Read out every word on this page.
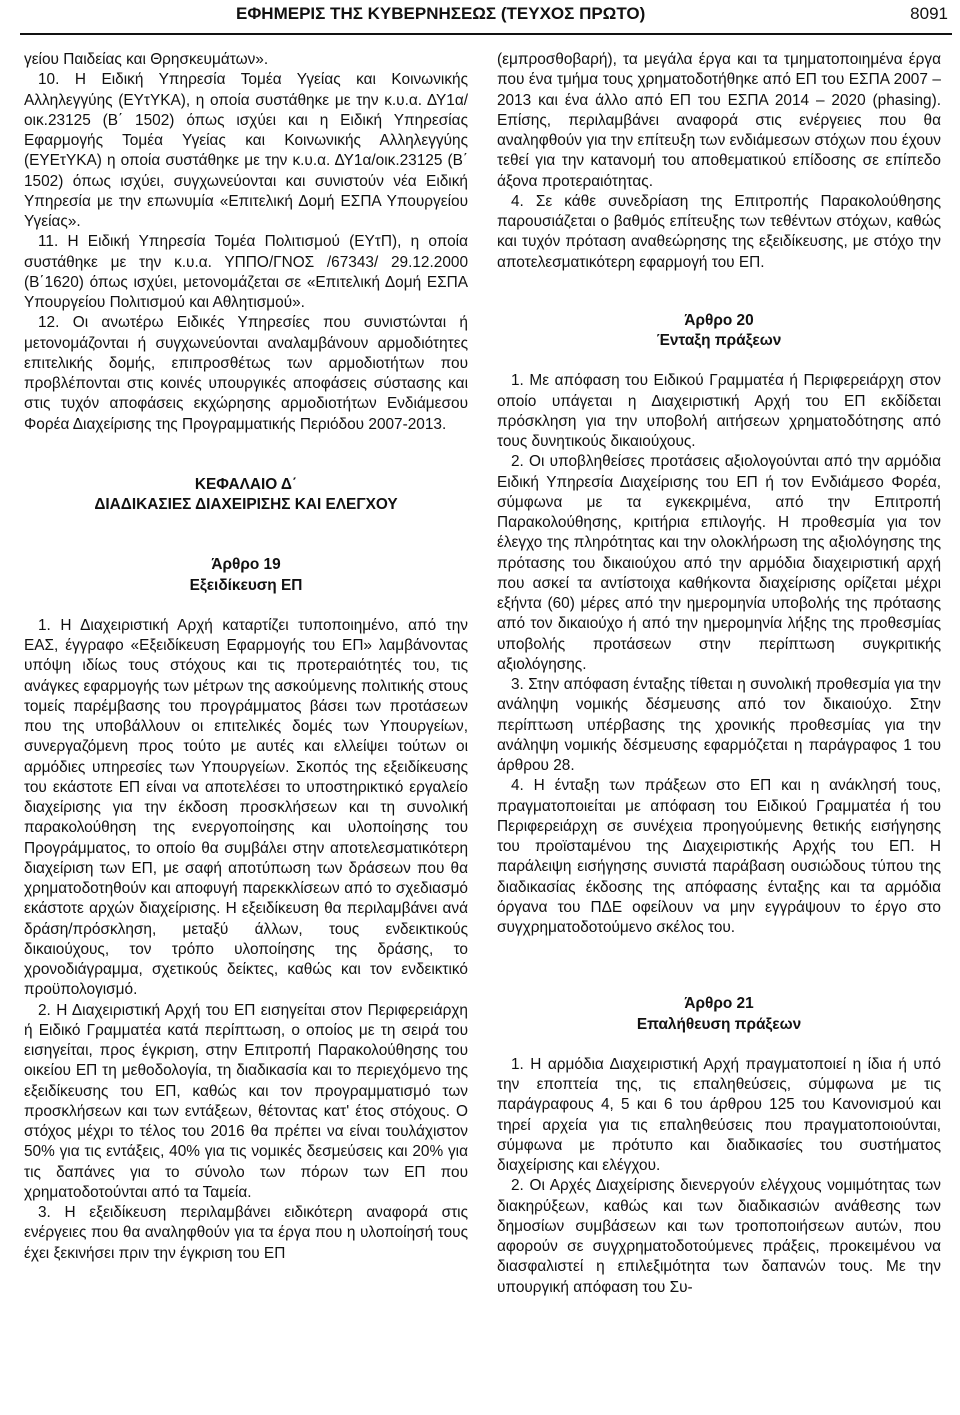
ΕΦΗΜΕΡΙΣ ΤΗΣ ΚΥΒΕΡΝΗΣΕΩΣ (ΤΕΥΧΟΣ ΠΡΩΤΟ)	8091

γείου Παιδείας και Θρησκευμάτων».

10. Η Ειδική Υπηρεσία Τομέα Υγείας και Κοινωνικής Αλληλεγγύης (ΕΥτΥΚΑ), η οποία συστάθηκε με την κ.υ.α. ΔΥ1α/οικ.23125 (Β΄ 1502) όπως ισχύει και η Ειδική Υπηρεσίας Εφαρμογής Τομέα Υγείας και Κοινωνικής Αλληλεγγύης (ΕΥΕτΥΚΑ) η οποία συστάθηκε με την κ.υ.α. ΔΥ1α/οικ.23125 (Β΄ 1502) όπως ισχύει, συγχωνεύονται και συνιστούν νέα Ειδική Υπηρεσία με την επωνυμία «Επιτελική Δομή ΕΣΠΑ Υπουργείου Υγείας».

11. Η Ειδική Υπηρεσία Τομέα Πολιτισμού (ΕΥτΠ), η οποία συστάθηκε με την κ.υ.α. ΥΠΠΟ/ΓΝΟΣ /67343/ 29.12.2000 (Β΄1620) όπως ισχύει, μετονομάζεται σε «Επιτελική Δομή ΕΣΠΑ Υπουργείου Πολιτισμού και Αθλητισμού».

12. Οι ανωτέρω Ειδικές Υπηρεσίες που συνιστώνται ή μετονομάζονται ή συγχωνεύονται αναλαμβάνουν αρμοδιότητες επιτελικής δομής, επιπροσθέτως των αρμοδιοτήτων που προβλέπονται στις κοινές υπουργικές αποφάσεις σύστασης και στις τυχόν αποφάσεις εκχώρησης αρμοδιοτήτων Ενδιάμεσου Φορέα Διαχείρισης της Προγραμματικής Περιόδου 2007-2013.

ΚΕΦΑΛΑΙΟ Δ΄
ΔΙΑΔΙΚΑΣΙΕΣ ΔΙΑΧΕΙΡΙΣΗΣ ΚΑΙ ΕΛΕΓΧΟΥ
Άρθρο 19
Εξειδίκευση ΕΠ

1. Η Διαχειριστική Αρχή καταρτίζει τυποποιημένο, από την ΕΑΣ, έγγραφο «Εξειδίκευση Εφαρμογής του ΕΠ» λαμβάνοντας υπόψη ιδίως τους στόχους και τις προτεραιότητές του, τις ανάγκες εφαρμογής των μέτρων της ασκούμενης πολιτικής στους τομείς παρέμβασης του προγράμματος βάσει των προτάσεων που της υποβάλλουν οι επιτελικές δομές των Υπουργείων, συνεργαζόμενη προς τούτο με αυτές και ελλείψει τούτων οι αρμόδιες υπηρεσίες των Υπουργείων. Σκοπός της εξειδίκευσης του εκάστοτε ΕΠ είναι να αποτελέσει το υποστηρικτικό εργαλείο διαχείρισης για την έκδοση προσκλήσεων και τη συνολική παρακολούθηση της ενεργοποίησης και υλοποίησης του Προγράμματος, το οποίο θα συμβάλει στην αποτελεσματικότερη διαχείριση των ΕΠ, με σαφή αποτύπωση των δράσεων που θα χρηματοδοτηθούν και αποφυγή παρεκκλίσεων από το σχεδιασμό εκάστοτε αρχών διαχείρισης. Η εξειδίκευση θα περιλαμβάνει ανά δράση/πρόσκληση, μεταξύ άλλων, τους ενδεικτικούς δικαιούχους, τον τρόπο υλοποίησης της δράσης, το χρονοδιάγραμμα, σχετικούς δείκτες, καθώς και τον ενδεικτικό προϋπολογισμό.

2. Η Διαχειριστική Αρχή του ΕΠ εισηγείται στον Περιφερειάρχη ή Ειδικό Γραμματέα κατά περίπτωση, ο οποίος με τη σειρά του εισηγείται, προς έγκριση, στην Επιτροπή Παρακολούθησης του οικείου ΕΠ τη μεθοδολογία, τη διαδικασία και το περιεχόμενο της εξειδίκευσης του ΕΠ, καθώς και τον προγραμματισμό των προσκλήσεων και των εντάξεων, θέτοντας κατ' έτος στόχους. Ο στόχος μέχρι το τέλος του 2016 θα πρέπει να είναι τουλάχιστον 50% για τις εντάξεις, 40% για τις νομικές δεσμεύσεις και 20% για τις δαπάνες για το σύνολο των πόρων των ΕΠ που χρηματοδοτούνται από τα Ταμεία.

3. Η εξειδίκευση περιλαμβάνει ειδικότερη αναφορά στις ενέργειες που θα αναληφθούν για τα έργα που η υλοποίησή τους έχει ξεκινήσει πριν την έγκριση του ΕΠ

(εμπροσθοβαρή), τα μεγάλα έργα και τα τμηματοποιημένα έργα που ένα τμήμα τους χρηματοδοτήθηκε από ΕΠ του ΕΣΠΑ 2007 – 2013 και ένα άλλο από ΕΠ του ΕΣΠΑ 2014 – 2020 (phasing). Επίσης, περιλαμβάνει αναφορά στις ενέργειες που θα αναληφθούν για την επίτευξη των ενδιάμεσων στόχων που έχουν τεθεί για την κατανομή του αποθεματικού επίδοσης σε επίπεδο άξονα προτεραιότητας.

4. Σε κάθε συνεδρίαση της Επιτροπής Παρακολούθησης παρουσιάζεται ο βαθμός επίτευξης των τεθέντων στόχων, καθώς και τυχόν πρόταση αναθεώρησης της εξειδίκευσης, με στόχο την αποτελεσματικότερη εφαρμογή του ΕΠ.

Άρθρο 20
Ένταξη πράξεων

1. Με απόφαση του Ειδικού Γραμματέα ή Περιφερειάρχη στον οποίο υπάγεται η Διαχειριστική Αρχή του ΕΠ εκδίδεται πρόσκληση για την υποβολή αιτήσεων χρηματοδότησης από τους δυνητικούς δικαιούχους.

2. Οι υποβληθείσες προτάσεις αξιολογούνται από την αρμόδια Ειδική Υπηρεσία Διαχείρισης του ΕΠ ή τον Ενδιάμεσο Φορέα, σύμφωνα με τα εγκεκριμένα, από την Επιτροπή Παρακολούθησης, κριτήρια επιλογής. Η προθεσμία για τον έλεγχο της πληρότητας και την ολοκλήρωση της αξιολόγησης της πρότασης του δικαιούχου από την αρμόδια διαχειριστική αρχή που ασκεί τα αντίστοιχα καθήκοντα διαχείρισης ορίζεται μέχρι εξήντα (60) μέρες από την ημερομηνία υποβολής της πρότασης από τον δικαιούχο ή από την ημερομηνία λήξης της προθεσμίας υποβολής προτάσεων στην περίπτωση συγκριτικής αξιολόγησης.

3. Στην απόφαση ένταξης τίθεται η συνολική προθεσμία για την ανάληψη νομικής δέσμευσης από τον δικαιούχο. Στην περίπτωση υπέρβασης της χρονικής προθεσμίας για την ανάληψη νομικής δέσμευσης εφαρμόζεται η παράγραφος 1 του άρθρου 28.

4. Η ένταξη των πράξεων στο ΕΠ και η ανάκλησή τους, πραγματοποιείται με απόφαση του Ειδικού Γραμματέα ή του Περιφερειάρχη σε συνέχεια προηγούμενης θετικής εισήγησης του προϊσταμένου της Διαχειριστικής Αρχής του ΕΠ. Η παράλειψη εισήγησης συνιστά παράβαση ουσιώδους τύπου της διαδικασίας έκδοσης της απόφασης ένταξης και τα αρμόδια όργανα του ΠΔΕ οφείλουν να μην εγγράψουν το έργο στο συγχρηματοδοτούμενο σκέλος του.

Άρθρο 21
Επαλήθευση πράξεων

1. Η αρμόδια Διαχειριστική Αρχή πραγματοποιεί η ίδια ή υπό την εποπτεία της, τις επαληθεύσεις, σύμφωνα με τις παράγραφους 4, 5 και 6 του άρθρου 125 του Κανονισμού και τηρεί αρχεία για τις επαληθεύσεις που πραγματοποιούνται, σύμφωνα με πρότυπο και διαδικασίες του συστήματος διαχείρισης και ελέγχου.

2. Οι Αρχές Διαχείρισης διενεργούν ελέγχους νομιμότητας των διακηρύξεων, καθώς και των διαδικασιών ανάθεσης των δημοσίων συμβάσεων και των τροποποιήσεων αυτών, που αφορούν σε συγχρηματοδοτούμενες πράξεις, προκειμένου να διασφαλιστεί η επιλεξιμότητα των δαπανών τους. Με την υπουργική απόφαση του Συ-
